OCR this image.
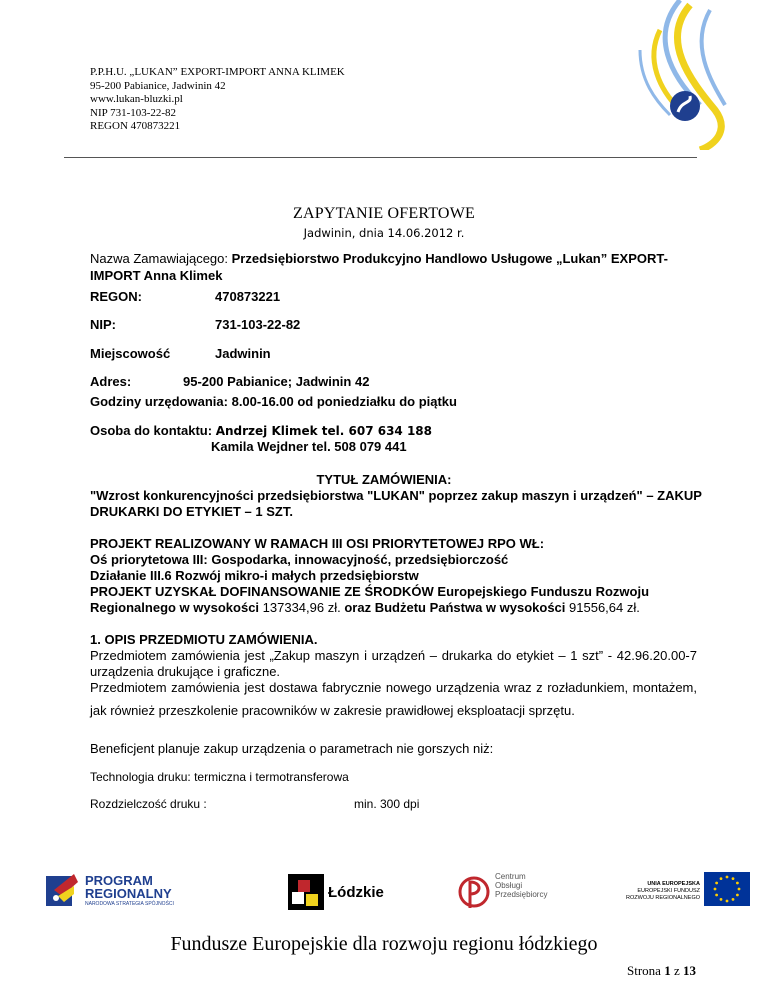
P.P.H.U. „LUKAN” EXPORT-IMPORT ANNA KLIMEK
95-200 Pabianice, Jadwinin 42
www.lukan-bluzki.pl
NIP 731-103-22-82
REGON 470873221
ZAPYTANIE OFERTOWE
Jadwinin, dnia 14.06.2012 r.
Nazwa Zamawiającego: Przedsiębiorstwo Produkcyjno Handlowo Usługowe „Lukan” EXPORT-
IMPORT Anna Klimek
REGON:	470873221
NIP:	731-103-22-82
Miejscowość	Jadwinin
Adres:	95-200 Pabianice; Jadwinin 42
Godziny urzędowania: 8.00-16.00 od poniedziałku do piątku
Osoba do kontaktu: Andrzej Klimek tel. 607 634 188
Kamila Wejdner tel. 508 079 441
TYTUŁ ZAMÓWIENIA:
"Wzrost konkurencyjności przedsiębiorstwa "LUKAN" poprzez zakup maszyn i urządzeń" – ZAKUP
DRUKARKI DO ETYKIET – 1 SZT.
PROJEKT REALIZOWANY W RAMACH III OSI PRIORYTETOWEJ RPO WŁ:
Oś priorytetowa III: Gospodarka, innowacyjność, przedsiębiorczość
Działanie III.6 Rozwój mikro-i małych przedsiębiorstw
PROJEKT UZYSKAŁ DOFINANSOWANIE ZE ŚRODKÓW Europejskiego Funduszu Rozwoju
Regionalnego w wysokości 137334,96 zł. oraz Budżetu Państwa w wysokości 91556,64 zł.
1. OPIS PRZEDMIOTU ZAMÓWIENIA.
Przedmiotem zamówienia jest „Zakup maszyn i urządzeń – drukarka do etykiet – 1 szt” - 42.96.20.00-7
urządzenia drukujące i graficzne.
Przedmiotem zamówienia jest dostawa fabrycznie nowego urządzenia wraz z rozładunkiem, montażem,
jak również przeszkolenie pracowników w zakresie prawidłowej eksploatacji sprzętu.
Beneficjent planuje zakup urządzenia o parametrach nie gorszych niż:
Technologia druku: termiczna i termotransferowa
Rozdzielczość druku :	min. 300 dpi
PROGRAM
REGIONALNY
NARODOWA STRATEGIA SPÓJNOŚCI
Łódzkie
Centrum
Obsługi
Przedsiębiorcy
UNIA EUROPEJSKA
EUROPEJSKI FUNDUSZ
ROZWOJU REGIONALNEGO
Fundusze Europejskie dla rozwoju regionu łódzkiego
Strona 1 z 13
